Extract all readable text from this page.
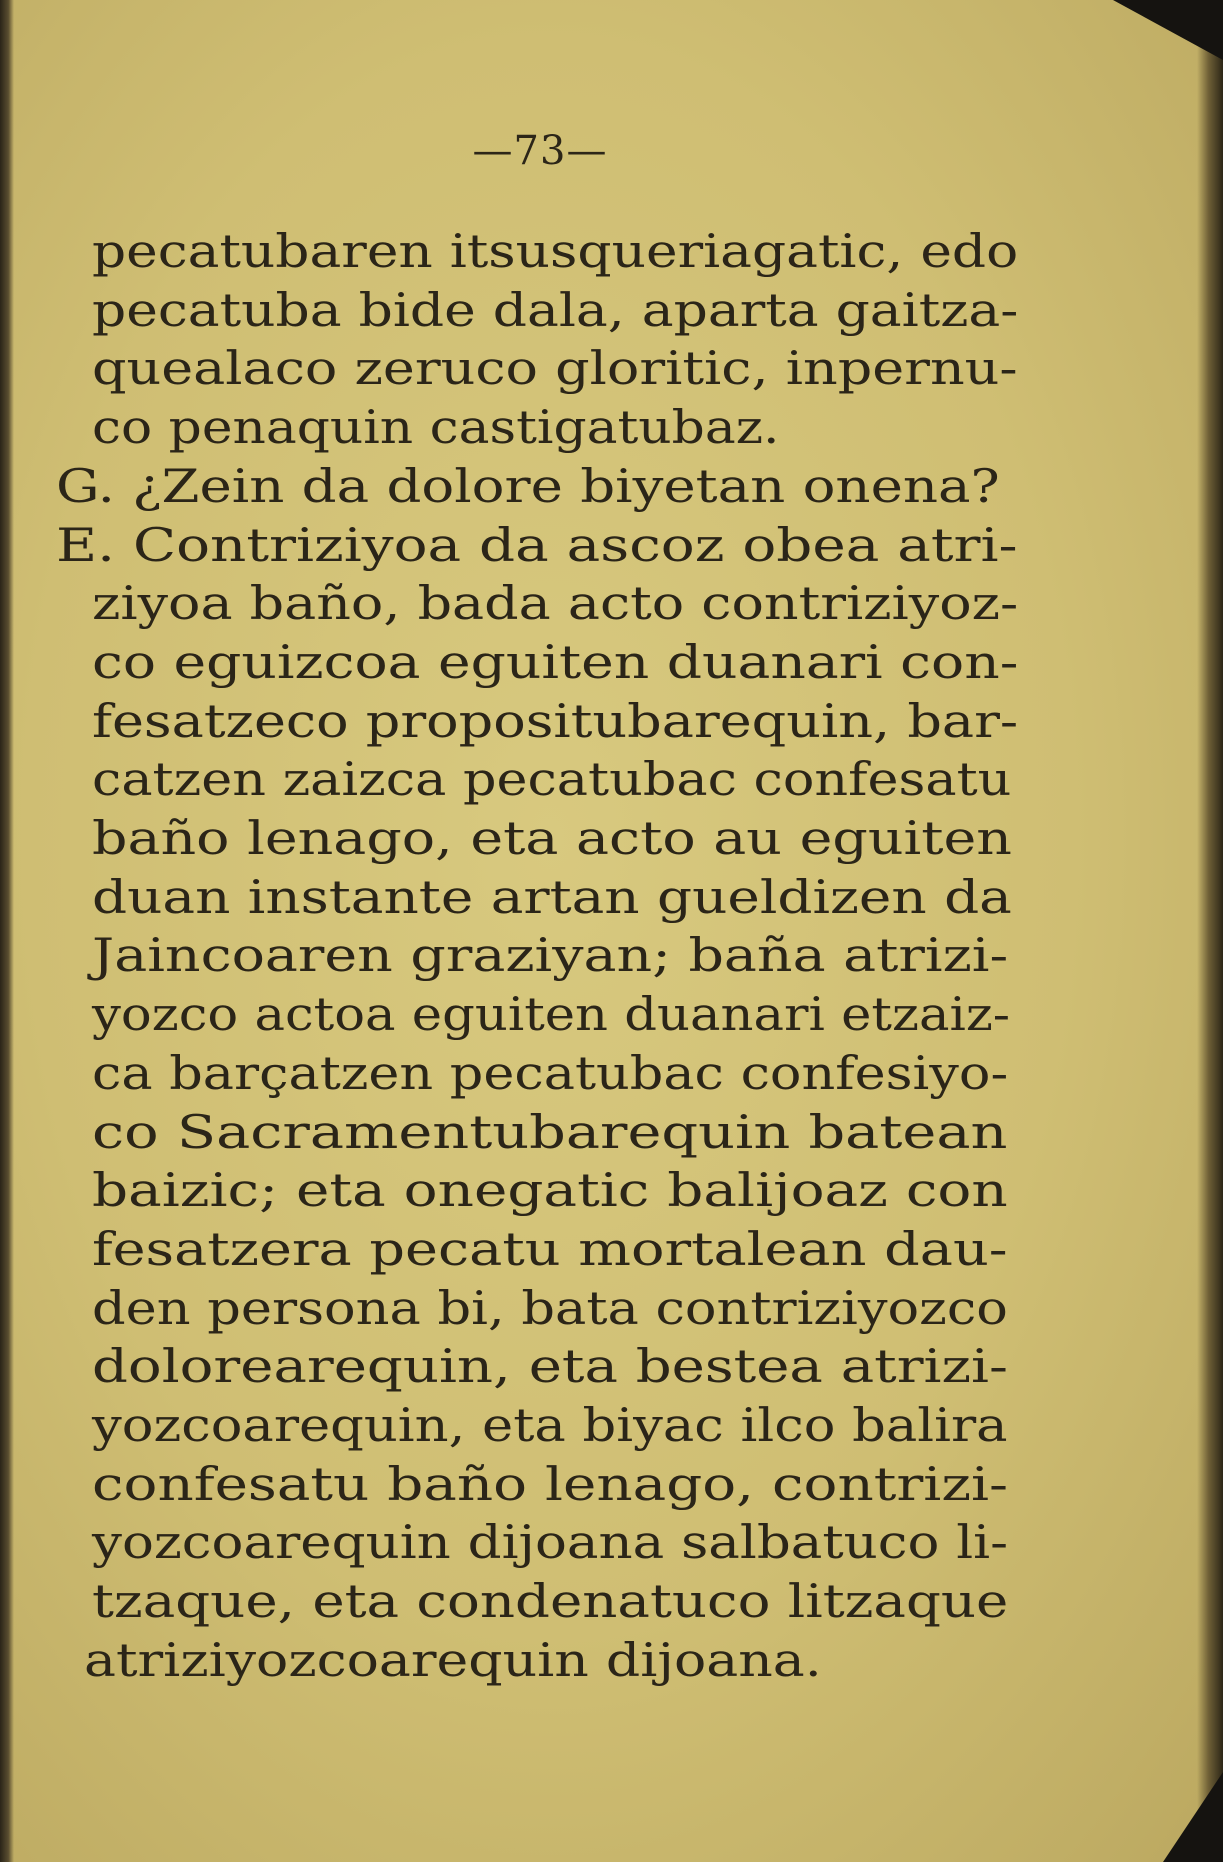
—73—

pecatubaren itsusqueriagatic, edo

pecatuba bide dala, aparta gaitza-

quealaco zeruco gloritic, inpernu-

co penaquin castigatubaz.

G. ¿Zein da dolore biyetan onena?

E. Contriziyoa da ascoz obea atri-

ziyoa baño, bada acto contriziyoz-

co eguizcoa eguiten duanari con-

fesatzeco propositubarequin, bar-

catzen zaizca pecatubac confesatu

baño lenago, eta acto au eguiten

duan instante artan gueldizen da

Jaincoaren graziyan; baña atrizi-

yozco actoa eguiten duanari etzaiz-

ca barçatzen pecatubac confesiyo-

co Sacramentubarequin batean

baizic; eta onegatic balijoaz con

fesatzera pecatu mortalean dau-

den persona bi, bata contriziyozco

dolorearequin, eta bestea atrizi-

yozcoarequin, eta biyac ilco balira

confesatu baño lenago, contrizi-

yozcoarequin dijoana salbatuco li-

tzaque, eta condenatuco litzaque

atriziyozcoarequin dijoana.
